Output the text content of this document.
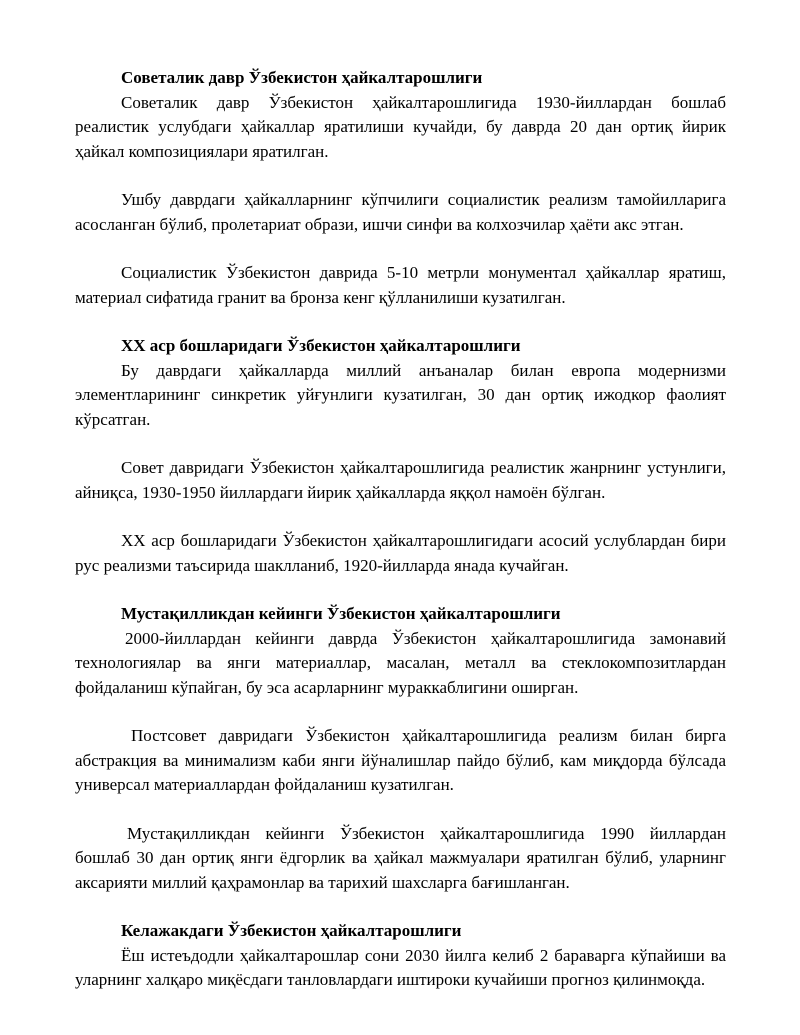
Советалик давр Ўзбекистон ҳайкалтарошлиги
Советалик давр Ўзбекистон ҳайкалтарошлигида 1930-йиллардан бошлаб реалистик услубдаги ҳайкаллар яратилиши кучайди, бу даврда 20 дан ортиқ йирик ҳайкал композициялари яратилган.
Ушбу даврдаги ҳайкалларнинг кўпчилиги социалистик реализм тамойилларига асосланган бўлиб, пролетариат образи, ишчи синфи ва колхозчилар ҳаёти акс этган.
Социалистик Ўзбекистон даврида 5-10 метрли монументал ҳайкаллар яратиш, материал сифатида гранит ва бронза кенг қўлланилиши кузатилган.
XX аср бошларидаги Ўзбекистон ҳайкалтарошлиги
Бу даврдаги ҳайкалларда миллий анъаналар билан европа модернизми элементларининг синкретик уйғунлиги кузатилган, 30 дан ортиқ ижодкор фаолият кўрсатган.
Совет давридаги Ўзбекистон ҳайкалтарошлигида реалистик жанрнинг устунлиги, айниқса, 1930-1950 йиллардаги йирик ҳайкалларда яққол намоён бўлган.
XX аср бошларидаги Ўзбекистон ҳайкалтарошлигидаги асосий услублардан бири рус реализми таъсирида шаклланиб, 1920-йилларда янада кучайган.
Мустақилликдан кейинги Ўзбекистон ҳайкалтарошлиги
2000-йиллардан кейинги даврда Ўзбекистон ҳайкалтарошлигида замонавий технологиялар ва янги материаллар, масалан, металл ва стеклокомпозитлардан фойдаланиш кўпайган, бу эса асарларнинг мураккаблигини оширган.
Постсовет давридаги Ўзбекистон ҳайкалтарошлигида реализм билан бирга абстракция ва минимализм каби янги йўналишлар пайдо бўлиб, кам миқдорда бўлсада универсал материаллардан фойдаланиш кузатилган.
Мустақилликдан кейинги Ўзбекистон ҳайкалтарошлигида 1990 йиллардан бошлаб 30 дан ортиқ янги ёдгорлик ва ҳайкал мажмуалари яратилган бўлиб, уларнинг аксарияти миллий қаҳрамонлар ва тарихий шахсларга бағишланган.
Келажакдаги Ўзбекистон ҳайкалтарошлиги
Ёш истеъдодли ҳайкалтарошлар сони 2030 йилга келиб 2 бараварга кўпайиши ва уларнинг халқаро миқёсдаги танловлардаги иштироки кучайиши прогноз қилинмоқда.
